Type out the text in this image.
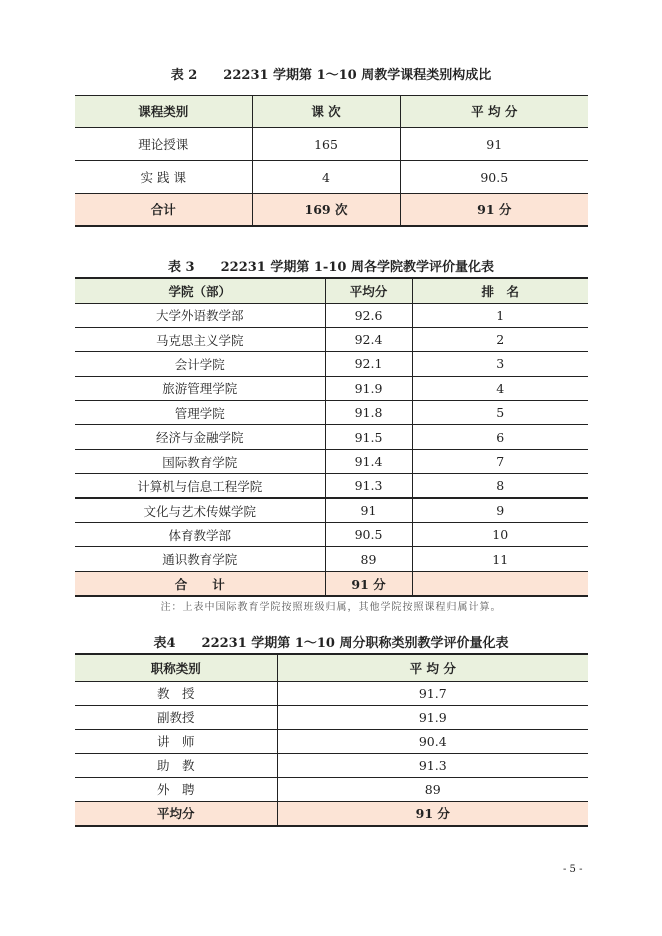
表 2　　22231 学期第 1～10 周教学课程类别构成比
课程类别	课 次	平 均 分
理论授课	165	91
实 践 课	4	90.5
合计	169 次	91 分
表 3　　22231 学期第 1-10 周各学院教学评价量化表
学院（部）	平均分	排　名
大学外语教学部	92.6	1
马克思主义学院	92.4	2
会计学院	92.1	3
旅游管理学院	91.9	4
管理学院	91.8	5
经济与金融学院	91.5	6
国际教育学院	91.4	7
计算机与信息工程学院	91.3	8
文化与艺术传媒学院	91	9
体育教学部	90.5	10
通识教育学院	89	11
合　　计	91 分	
注：上表中国际教育学院按照班级归属，其他学院按照课程归属计算。
表4　　22231 学期第 1～10 周分职称类别教学评价量化表
职称类别	平 均 分
教　授	91.7
副教授	91.9
讲　师	90.4
助　教	91.3
外　聘	89
平均分	91 分
- 5 -
